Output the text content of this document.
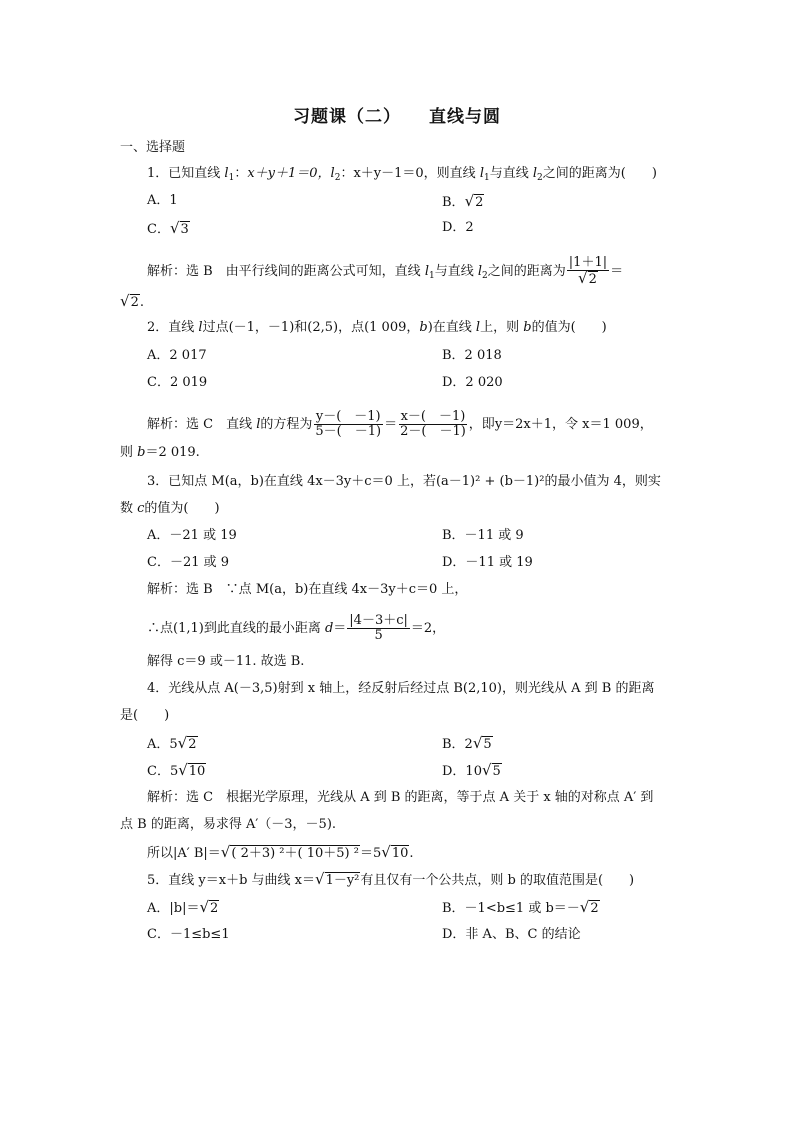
习题课（二） 直线与圆
一、选择题
1．已知直线 $l_1$：x＋y＋1＝0，$l_2$：x＋y－1＝0，则直线 $l_1$与直线 $l_2$之间的距离为(　　)
A．1	B．√2
C．√3	D．2
解析：选 B　由平行线间的距离公式可知，直线 $l_1$与直线 $l_2$之间的距离为 $\frac{|1+1|}{√2}$ ＝
√2.
2．直线 l过点(－1，－1)和(2,5)，点(1 009，b)在直线 l上，则 b的值为(　　)
A．2 017	B．2 018
C．2 019	D．2 020
解析：选 C　直线 l的方程为 $\frac{y-( -1)}{5-( -1)} = \frac{x-( -1)}{2-( -1)}$ ，即y＝2x＋1，令 x＝1 009，
则 b＝2 019.
3．已知点 M(a，b)在直线 4x－3y＋c＝0 上，若(a－1)² + (b－1)²的最小值为 4，则实
数 c的值为(　　)
A．－21 或 19	B．－11 或 9
C．－21 或 9	D．－11 或 19
解析：选 B　∵点 M(a，b)在直线 4x－3y＋c＝0 上，
∴点(1,1)到此直线的最小距离 $d= \frac{|4-3+c|}{5} =2$，
解得 c＝9 或－11. 故选 B.
4．光线从点 A(－3,5)射到 x 轴上，经反射后经过点 B(2,10)，则光线从 A 到 B 的距离
是(　　)
A．5√2	B．2√5
C．5√10	D．10√5
解析：选 C　根据光学原理，光线从 A 到 B 的距离，等于点 A 关于 x 轴的对称点 A′ 到
点 B 的距离，易求得 A′（－3，－5).
所以|A′ B|＝√( 2＋3) ²＋( 10＋5) ²＝5√10.
5．直线 y＝x＋b 与曲线 x＝√1－y²有且仅有一个公共点，则 b 的取值范围是(　　)
A．|b|＝√2	B．－1<b≤1 或 b＝－√2
C．－1≤b≤1	D．非 A、B、C 的结论
